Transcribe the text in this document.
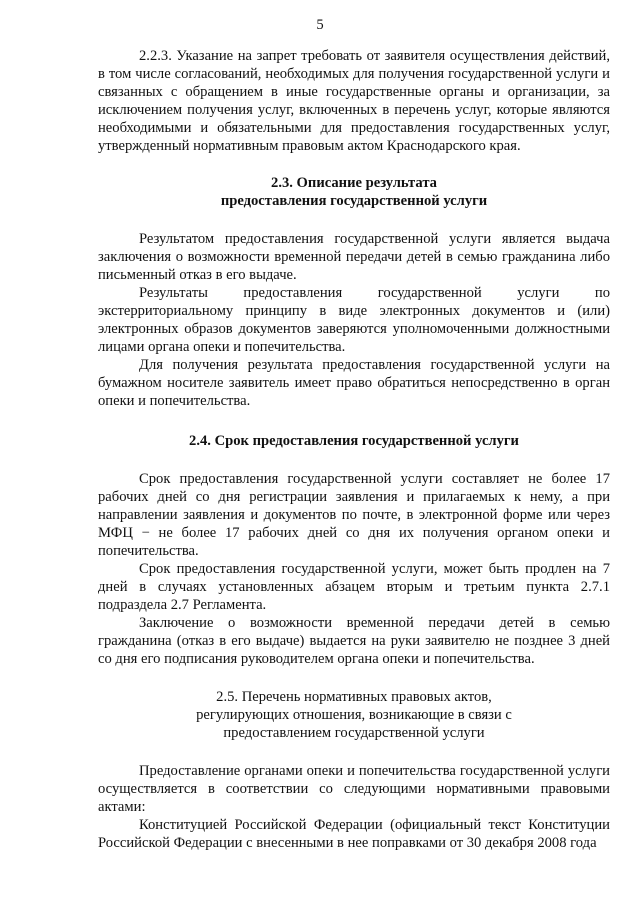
5

2.2.3. Указание на запрет требовать от заявителя осуществления действий, в том числе согласований, необходимых для получения государственной услуги и связанных с обращением в иные государственные органы и организации, за исключением получения услуг, включенных в перечень услуг, которые являются необходимыми и обязательными для предоставления государственных услуг, утвержденный нормативным правовым актом Краснодарского края.

2.3. Описание результата

предоставления государственной услуги

Результатом предоставления государственной услуги является выдача заключения о возможности временной передачи детей в семью гражданина либо письменный отказ в его выдаче.

Результаты предоставления государственной услуги по экстерриториальному принципу в виде электронных документов и (или) электронных образов документов заверяются уполномоченными должностными лицами органа опеки и попечительства.

Для получения результата предоставления государственной услуги на бумажном носителе заявитель имеет право обратиться непосредственно в орган опеки и попечительства.

2.4. Срок предоставления государственной услуги

Срок предоставления государственной услуги составляет не более 17 рабочих дней со дня регистрации заявления и прилагаемых к нему, а при направлении заявления и документов по почте, в электронной форме или через МФЦ − не более 17 рабочих дней со дня их получения органом опеки и попечительства.

Срок предоставления государственной услуги, может быть продлен на 7 дней в случаях установленных абзацем вторым и третьим пункта 2.7.1 подраздела 2.7 Регламента.

Заключение о возможности временной передачи детей в семью гражданина (отказ в его выдаче) выдается на руки заявителю не позднее 3 дней со дня его подписания руководителем органа опеки и попечительства.

2.5. Перечень нормативных правовых актов,

регулирующих отношения, возникающие в связи с

предоставлением государственной услуги

Предоставление органами опеки и попечительства государственной услуги осуществляется в соответствии со следующими нормативными правовыми актами:

Конституцией Российской Федерации (официальный текст Конституции Российской Федерации с внесенными в нее поправками от 30 декабря 2008 года
